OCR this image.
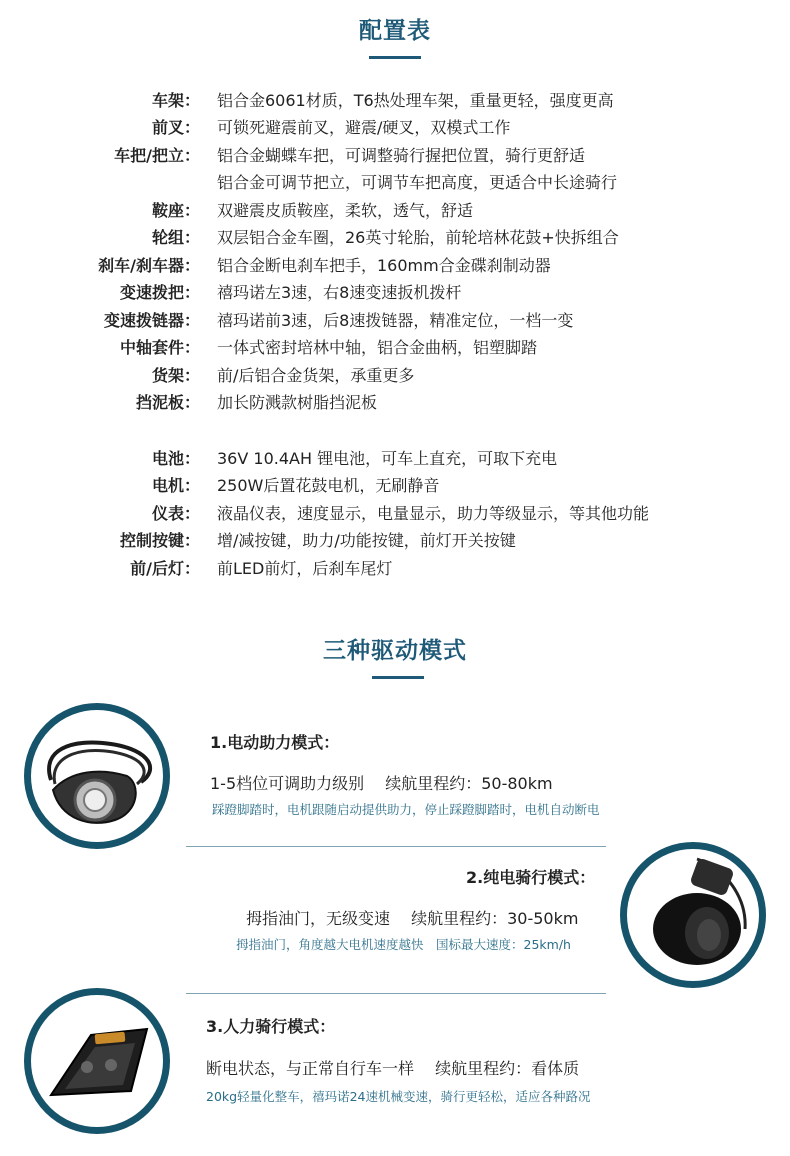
配置表
车架： 铝合金6061材质，T6热处理车架，重量更轻，强度更高
前叉： 可锁死避震前叉，避震/硬叉，双模式工作
车把/把立： 铝合金蝴蝶车把，可调整骑行握把位置，骑行更舒适
铝合金可调节把立，可调节车把高度，更适合中长途骑行
鞍座： 双避震皮质鞍座，柔软，透气，舒适
轮组： 双层铝合金车圈，26英寸轮胎，前轮培林花鼓+快拆组合
刹车/刹车器： 铝合金断电刹车把手，160mm合金碟刹制动器
变速拨把： 禧玛诺左3速，右8速变速扳机拨杆
变速拨链器： 禧玛诺前3速，后8速拨链器，精准定位，一档一变
中轴套件： 一体式密封培林中轴，铝合金曲柄，铝塑脚踏
货架： 前/后铝合金货架，承重更多
挡泥板： 加长防溅款树脂挡泥板
电池： 36V 10.4AH 锂电池，可车上直充，可取下充电
电机： 250W后置花鼓电机，无刷静音
仪表： 液晶仪表，速度显示，电量显示，助力等级显示，等其他功能
控制按键： 增/减按键，助力/功能按键，前灯开关按键
前/后灯： 前LED前灯，后刹车尾灯
三种驱动模式
1.电动助力模式：
1-5档位可调助力级别　 续航里程约：50-80km
踩蹬脚踏时，电机跟随启动提供助力，停止踩蹬脚踏时，电机自动断电
2.纯电骑行模式：
拇指油门，无级变速　 续航里程约：30-50km
拇指油门，角度越大电机速度越快　国标最大速度：25km/h
3.人力骑行模式：
断电状态，与正常自行车一样　 续航里程约：看体质
20kg轻量化整车，禧玛诺24速机械变速，骑行更轻松，适应各种路况
